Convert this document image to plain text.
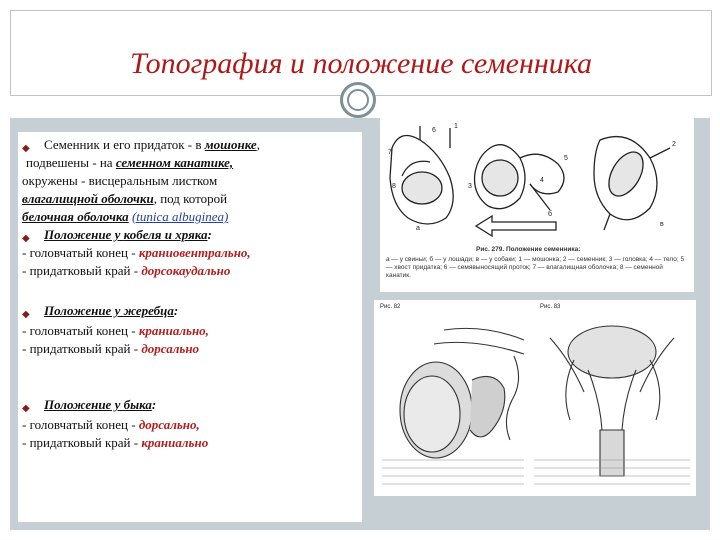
Топография и положение семенника
◆ Семенник и его придаток - в мошонке,
подвешены - на семенном канатике,
окружены - висцеральным листком
влагалищной оболочки, под которой
белочная оболочка (tunica albuginea)
◆ Положение у кобеля и хряка:
- головчатый конец - краниовентрально,
- придатковый край - дорсокаудально
◆ Положение у жеребца:
- головчатый конец - краниально,
- придатковый край - дорсально
◆ Положение у быка:
- головчатый конец - дорсально,
- придатковый край - краниально
6
1
7
8	3
а
5
4
б
2
в
Рис. 279. Положение семенника:
а — у свиньи; б — у лошади; в — у собаки; 1 — мошонка; 2 — семенник; 3 — головка; 4 — тело; 5 — хвост придатка; 6 — семявыносящий проток; 7 — влагалищная оболочка; 8 — семенной канатик.
Рис. 82	Рис. 83
